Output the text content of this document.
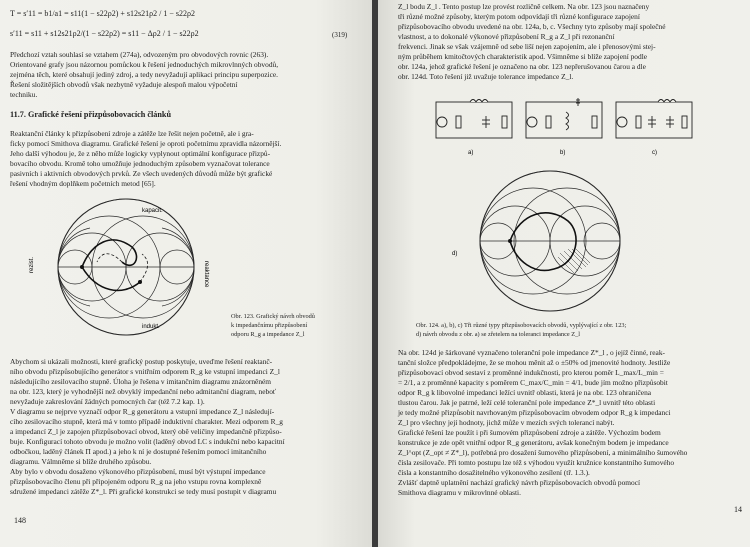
T = s′11 = b1/a1 = s11(1 − s22ρ2) + s12s21ρ2 / 1 − s22ρ2
s′11 = s11 + s12s21ρ2/(1 − s22ρ2) = s11 − Δρ2 / 1 − s22ρ2	(319)
Předchozí vztah souhlasí se vztahem (274a), odvozeným pro obvodových rovnic (263).
Orientované grafy jsou názornou pomůckou k řešení jednoduchých mikrovlnných obvodů,
zejména těch, které obsahují jediný zdroj, a tedy nevyžadují aplikaci principu superpozice.
Řešení složitějších obvodů však nezbytně vyžaduje alespoň malou výpočetní
techniku.
11.7. Grafické řešení přizpůsobovacích článků
Reaktanční články k přizpůsobení zdroje a zátěže lze řešit nejen početně, ale i gra-
ficky pomocí Smithova diagramu. Grafické řešení je oproti početnímu zpravidla názornější.
Jeho další výhodou je, že z něho může logicky vyplynout optimální konfigurace přizpů-
bovacího obvodu. Kromě toho umožňuje jednoduchým způsobem vyznačovat tolerance
pasivních i aktivních obvodových prvků. Ze všech uvedených důvodů může být grafické
řešení vhodným doplňkem početních metod [65].
rezist.	reaktance
kapacit.
indukt.
Obr. 123. Grafický návrh obvodů
k impedančnímu přizpůsobení
odporu R_g a impedance Z_l
Abychom si ukázali možnosti, které grafický postup poskytuje, uveďme řešení reaktanč-
ního obvodu přizpůsobujícího generátor s vnitřním odporem R_g ke vstupní impedanci Z_l
následujícího zesilovacího stupně. Úloha je řešena v imitančním diagramu znázorněném
na obr. 123, který je vyhodnější než obvyklý impedanční nebo admitanční diagram, neboť
nevyžaduje zakreslování žádných pomocných čar (též 7.2 kap. 1).
V diagramu se nejprve vyznačí odpor R_g generátoru a vstupní impedance Z_l následují-
cího zesilovacího stupně, která má v tomto případě induktivní charakter. Mezi odporem R_g
a impedancí Z_l je zapojen přizpůsobovací obvod, který obě veličiny impedančně přizpůso-
buje. Konfigurací tohoto obvodu je možno volit (laděný obvod LC s indukční nebo kapacitní
odbočkou, laděný článek Π apod.) a jeho k ní je dostupné řešením pomocí imitančního
diagramu. Válmněme si blíže druhého způsobu.
Aby bylo v obvodu dosaženo výkonového přizpůsobení, musí být výstupní impedance
přizpůsobovacího členu při připojeném odporu R_g na jeho vstupu rovna komplexně
sdružené impedanci zátěže Z*_l. Při grafické konstrukci se tedy musí postupit v diagramu
148
Z_l bodu Z_l . Tento postup lze provést rozličně celkem. Na obr. 123 jsou naznačeny
tři různé možné způsoby, kterým potom odpovídají tři různé konfigurace zapojení
přizpůsobovacího obvodu uvedené na obr. 124a, b, c. Všechny tyto způsoby mají společné
vlastnost, a to dokonalé výkonové přizpůsobení R_g a Z_l při rezonanční
frekvenci. Jinak se však vzájemně od sebe liší nejen zapojením, ale i přenosovými stej-
ným průběhem kmitočtových charakteristik apod. Všimněme si blíže zapojení podle
obr. 124a, jehož grafické řešení je označeno na obr. 123 nepřerušovanou čarou a dle
obr. 124d. Toto řešení již uvažuje tolerance impedance Z_l.
a)	b)	c)
d)
Obr. 124. a), b), c) Tři různé typy přizpůsobovacích obvodů, vyplývající z obr. 123;
d) návrh obvodu z obr. a) se zřetelem na toleranci impedance Z_l
Na obr. 124d je šárkované vyznačeno toleranční pole impedance Z*_l , o jejíž činné, reak-
tanční složce předpokládejme, že se mohou měnit až o ±50% od jmenovité hodnoty. Jestliže
přizpůsobovací obvod sestaví z proměnné indukčnosti, pro kterou poměr L_max/L_min =
= 2/1, a z proměnné kapacity s poměrem C_max/C_min = 4/1, bude jím možno přizpůsobit
odpor R_g k libovolné impedanci ležící uvnitř oblasti, která je na obr. 123 ohraničena
tlustou čarou. Jak je patrné, leží celé toleranční pole impedance Z*_l uvnitř této oblasti
je tedy možné přizpůsobit navrhovaným přizpůsobovacím obvodem odpor R_g k impedanci
Z_l pro všechny její hodnoty, jichž může v mezích svých tolerancí nabýt.
Grafické řešení lze použít i při šumovém přizpůsobení zdroje a zátěže. Výchozím bodem
konstrukce je zde opět vnitřní odpor R_g generátoru, avšak konečným bodem je impedance
Z_l^opt (Z_opt ≠ Z*_l), potřebná pro dosažení šumového přizpůsobení, a minimálního šumového
čísla zesilovače. Při tomto postupu lze též s výhodou využít kružnice konstantního šumového
čísla a konstantního dosažitelného výkonového zesílení (tř. 1.3.).
Zvlášť daptně uplatnění nachází grafický návrh přizpůsobovacích obvodů pomocí
Smithova diagramu v mikrovlnné oblasti.
14
